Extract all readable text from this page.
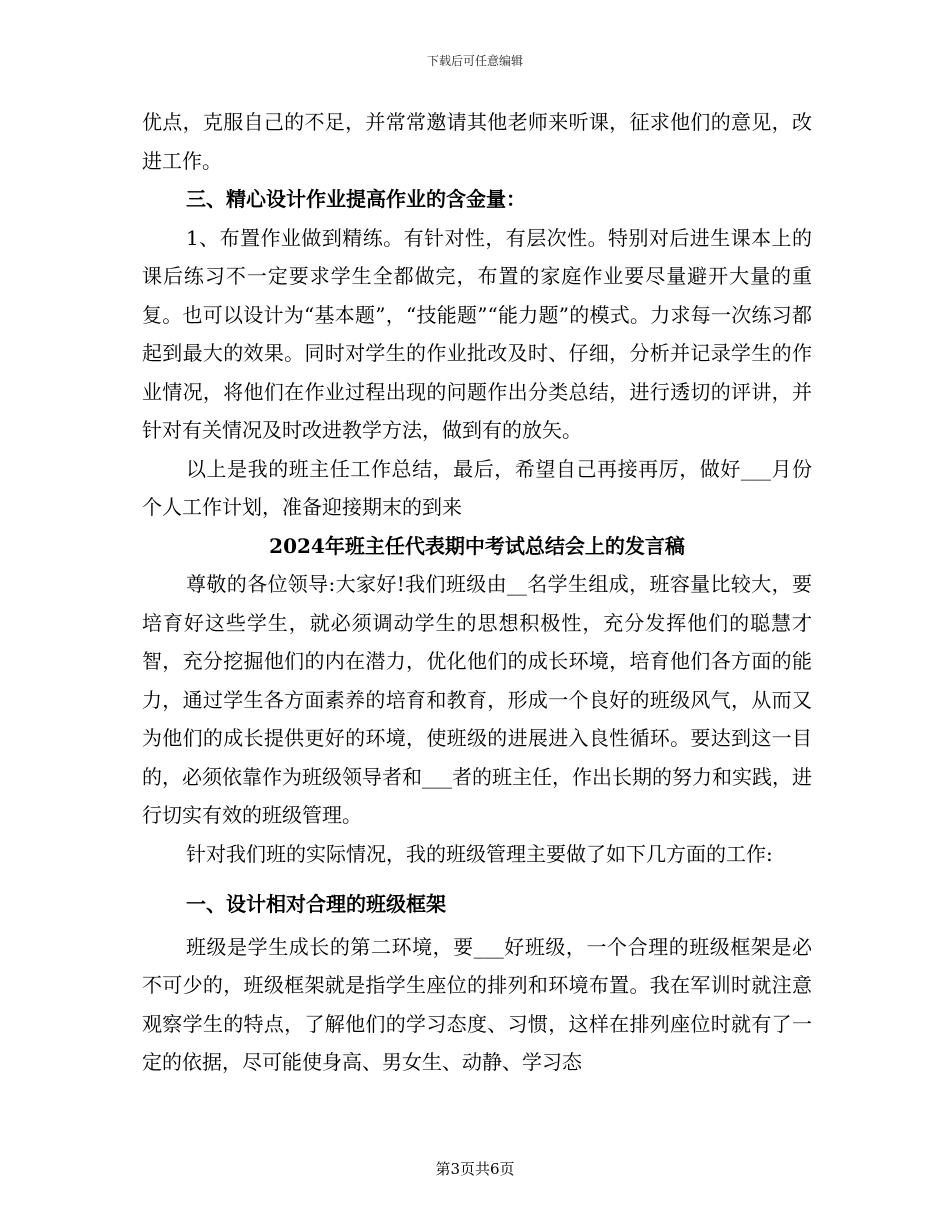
下载后可任意编辑

优点，克服自己的不足，并常常邀请其他老师来听课，征求他们的意见，改进工作。

三、精心设计作业提高作业的含金量：

1、布置作业做到精练。有针对性，有层次性。特别对后进生课本上的课后练习不一定要求学生全都做完，布置的家庭作业要尽量避开大量的重复。也可以设计为“基本题”，“技能题”“能力题”的模式。力求每一次练习都起到最大的效果。同时对学生的作业批改及时、仔细，分析并记录学生的作业情况，将他们在作业过程出现的问题作出分类总结，进行透切的评讲，并针对有关情况及时改进教学方法，做到有的放矢。

以上是我的班主任工作总结，最后，希望自己再接再厉，做好___月份个人工作计划，准备迎接期末的到来

2024年班主任代表期中考试总结会上的发言稿

尊敬的各位领导:大家好!我们班级由__名学生组成，班容量比较大，要培育好这些学生，就必须调动学生的思想积极性，充分发挥他们的聪慧才智，充分挖掘他们的内在潜力，优化他们的成长环境，培育他们各方面的能力，通过学生各方面素养的培育和教育，形成一个良好的班级风气，从而又为他们的成长提供更好的环境，使班级的进展进入良性循环。要达到这一目的，必须依靠作为班级领导者和___者的班主任，作出长期的努力和实践，进行切实有效的班级管理。

针对我们班的实际情况，我的班级管理主要做了如下几方面的工作:

一、设计相对合理的班级框架

班级是学生成长的第二环境，要___好班级，一个合理的班级框架是必不可少的，班级框架就是指学生座位的排列和环境布置。我在军训时就注意观察学生的特点，了解他们的学习态度、习惯，这样在排列座位时就有了一定的依据，尽可能使身高、男女生、动静、学习态

第3页共6页
